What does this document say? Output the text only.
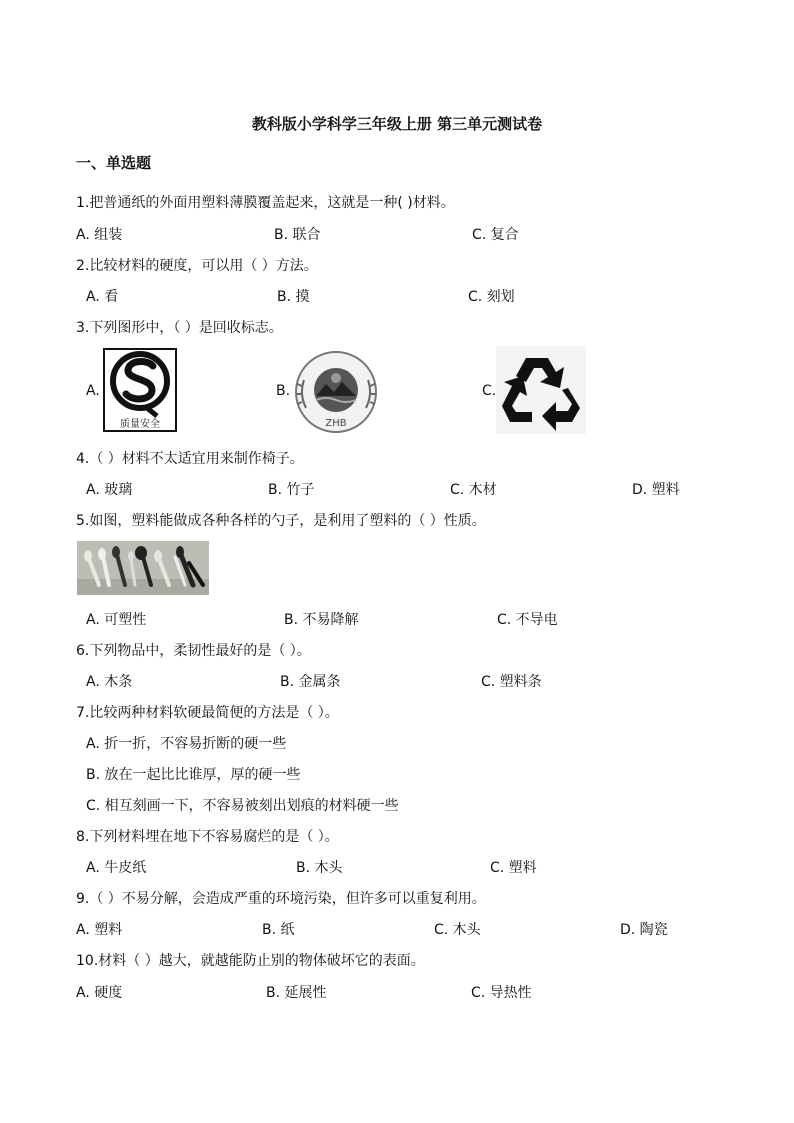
教科版小学科学三年级上册 第三单元测试卷
一、单选题
1.把普通纸的外面用塑料薄膜覆盖起来，这就是一种( )材料。
A. 组装	B. 联合	C. 复合
2.比较材料的硬度，可以用（ ）方法。
A. 看	B. 摸	C. 刻划
3.下列图形中，（ ）是回收标志。
A.	B.	C.
质量安全	ZHB
4.（ ）材料不太适宜用来制作椅子。
A. 玻璃	B. 竹子	C. 木材	D. 塑料
5.如图，塑料能做成各种各样的勺子，是利用了塑料的（ ）性质。
A. 可塑性	B. 不易降解	C. 不导电
6.下列物品中，柔韧性最好的是（ ）。
A. 木条	B. 金属条	C. 塑料条
7.比较两种材料软硬最简便的方法是（ ）。
A. 折一折，不容易折断的硬一些
B. 放在一起比比谁厚，厚的硬一些
C. 相互刻画一下，不容易被刻出划痕的材料硬一些
8.下列材料埋在地下不容易腐烂的是（ ）。
A. 牛皮纸	B. 木头	C. 塑料
9.（ ）不易分解，会造成严重的环境污染，但许多可以重复利用。
A. 塑料	B. 纸	C. 木头	D. 陶瓷
10.材料（ ）越大，就越能防止别的物体破坏它的表面。
A. 硬度	B. 延展性	C. 导热性
